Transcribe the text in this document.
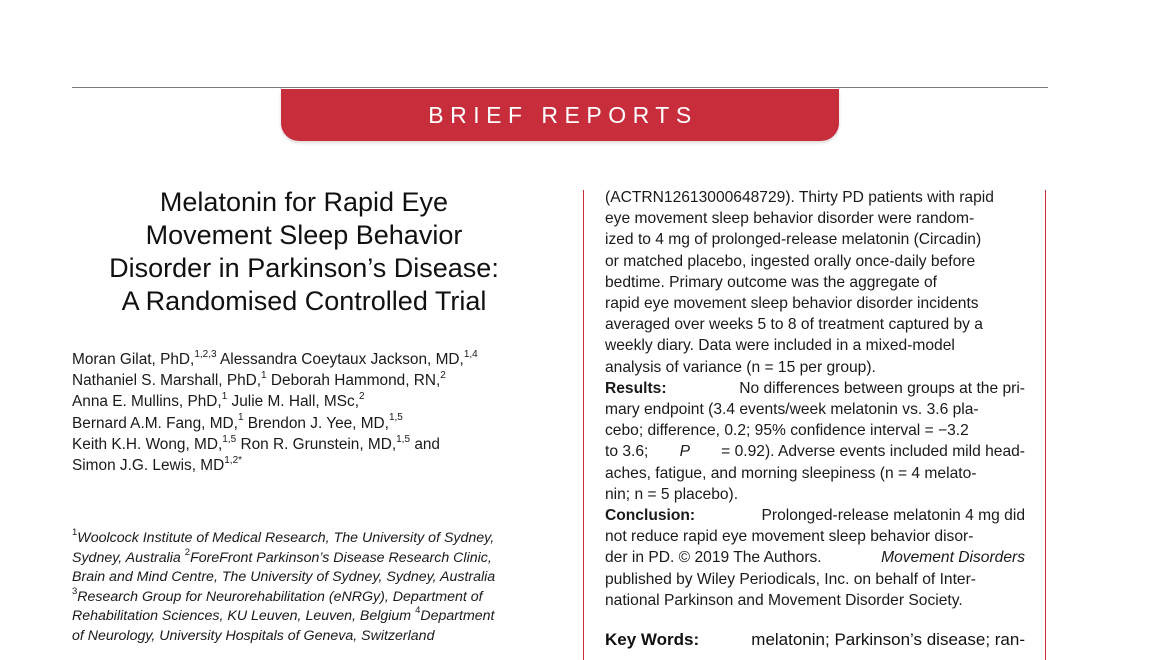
BRIEF REPORTS
Melatonin for Rapid Eye
Movement Sleep Behavior
Disorder in Parkinson’s Disease:
A Randomised Controlled Trial
Moran Gilat, PhD,$^{1,2,3}$ Alessandra Coeytaux Jackson, MD,$^{1,4}$
Nathaniel S. Marshall, PhD,$^1$ Deborah Hammond, RN,$^2$
Anna E. Mullins, PhD,$^1$ Julie M. Hall, MSc,$^2$
Bernard A.M. Fang, MD,$^1$ Brendon J. Yee, MD,$^{1,5}$
Keith K.H. Wong, MD,$^{1,5}$ Ron R. Grunstein, MD,$^{1,5}$ and
Simon J.G. Lewis, $MD^{1,2*}$
$^1$Woolcock Institute of Medical Research, The University of Sydney,
Sydney, Australia $^2$ForeFront Parkinson’s Disease Research Clinic,
Brain and Mind Centre, The University of Sydney, Sydney, Australia
$^3$Research Group for Neurorehabilitation (eNRGy), Department of
Rehabilitation Sciences, KU Leuven, Leuven, Belgium $^4$Department
of Neurology, University Hospitals of Geneva, Switzerland
(ACTRN12613000648729). Thirty PD patients with rapid
eye movement sleep behavior disorder were random-
ized to 4 mg of prolonged-release melatonin (Circadin)
or matched placebo, ingested orally once-daily before
bedtime. Primary outcome was the aggregate of
rapid eye movement sleep behavior disorder incidents
averaged over weeks 5 to 8 of treatment captured by a
weekly diary. Data were included in a mixed-model
analysis of variance (n = 15 per group).
Results:	No differences between groups at the pri-
mary endpoint (3.4 events/week melatonin vs. 3.6 pla-
cebo; difference, 0.2; 95% confidence interval = −3.2
to 3.6; P = 0.92). Adverse events included mild head-
aches, fatigue, and morning sleepiness (n = 4 melato-
nin; n = 5 placebo).
Conclusion:	Prolonged-release melatonin 4 mg did
not reduce rapid eye movement sleep behavior disor-
der in PD. © 2019 The Authors.	Movement Disorders
published by Wiley Periodicals, Inc. on behalf of Inter-
national Parkinson and Movement Disorder Society.
Key Words:	melatonin; Parkinson’s disease; ran-
